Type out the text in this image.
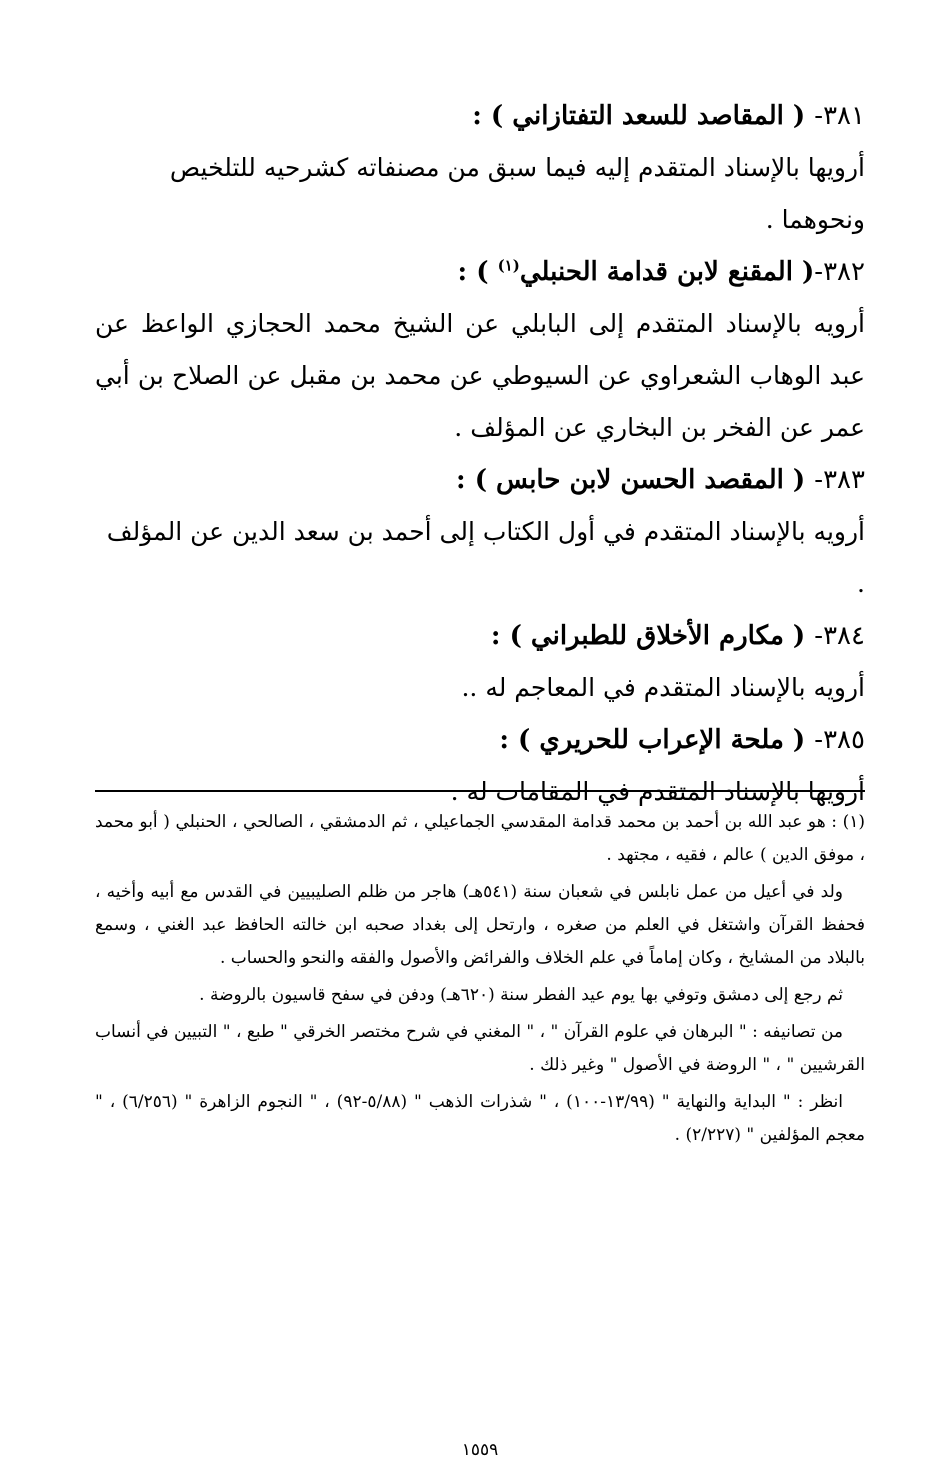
٣٨١- ( المقاصد للسعد التفتازاني ) :

أرويها بالإسناد المتقدم إليه فيما سبق من مصنفاته كشرحيه للتلخيص ونحوهما .

٣٨٢-( المقنع لابن قدامة الحنبلي$^{(١)}$ ) :

أرويه بالإسناد المتقدم إلى البابلي عن الشيخ محمد الحجازي الواعظ عن عبد الوهاب الشعراوي عن السيوطي عن محمد بن مقبل عن الصلاح بن أبي عمر عن الفخر بن البخاري عن المؤلف .

٣٨٣- ( المقصد الحسن لابن حابس ) :

أرويه بالإسناد المتقدم في أول الكتاب إلى أحمد بن سعد الدين عن المؤلف .

٣٨٤- ( مكارم الأخلاق للطبراني ) :

أرويه بالإسناد المتقدم في المعاجم له ..

٣٨٥- ( ملحة الإعراب للحريري ) :

أرويها بالإسناد المتقدم في المقامات له .

(١) : هو عبد الله بن أحمد بن محمد قدامة المقدسي الجماعيلي ، ثم الدمشقي ، الصالحي ، الحنبلي ( أبو محمد ، موفق الدين ) عالم ، فقيه ، مجتهد .

ولد في أعيل من عمل نابلس في شعبان سنة (٥٤١هـ) هاجر من ظلم الصليبيين في القدس مع أبيه وأخيه ، فحفظ القرآن واشتغل في العلم من صغره ، وارتحل إلى بغداد صحبه ابن خالته الحافظ عبد الغني ، وسمع بالبلاد من المشايخ ، وكان إماماً في علم الخلاف والفرائض والأصول والفقه والنحو والحساب .

ثم رجع إلى دمشق وتوفي بها يوم عيد الفطر سنة (٦٢٠هـ) ودفن في سفح قاسيون بالروضة .

من تصانيفه : " البرهان في علوم القرآن " ، " المغني في شرح مختصر الخرقي " طبع ، " التبيين في أنساب القرشيين " ، " الروضة في الأصول " وغير ذلك .

انظر : " البداية والنهاية " (١٣/٩٩-١٠٠) ، " شذرات الذهب " (٥/٨٨-٩٢) ، " النجوم الزاهرة " (٦/٢٥٦) ، " معجم المؤلفين " (٢/٢٢٧) .

١٥٥٩
